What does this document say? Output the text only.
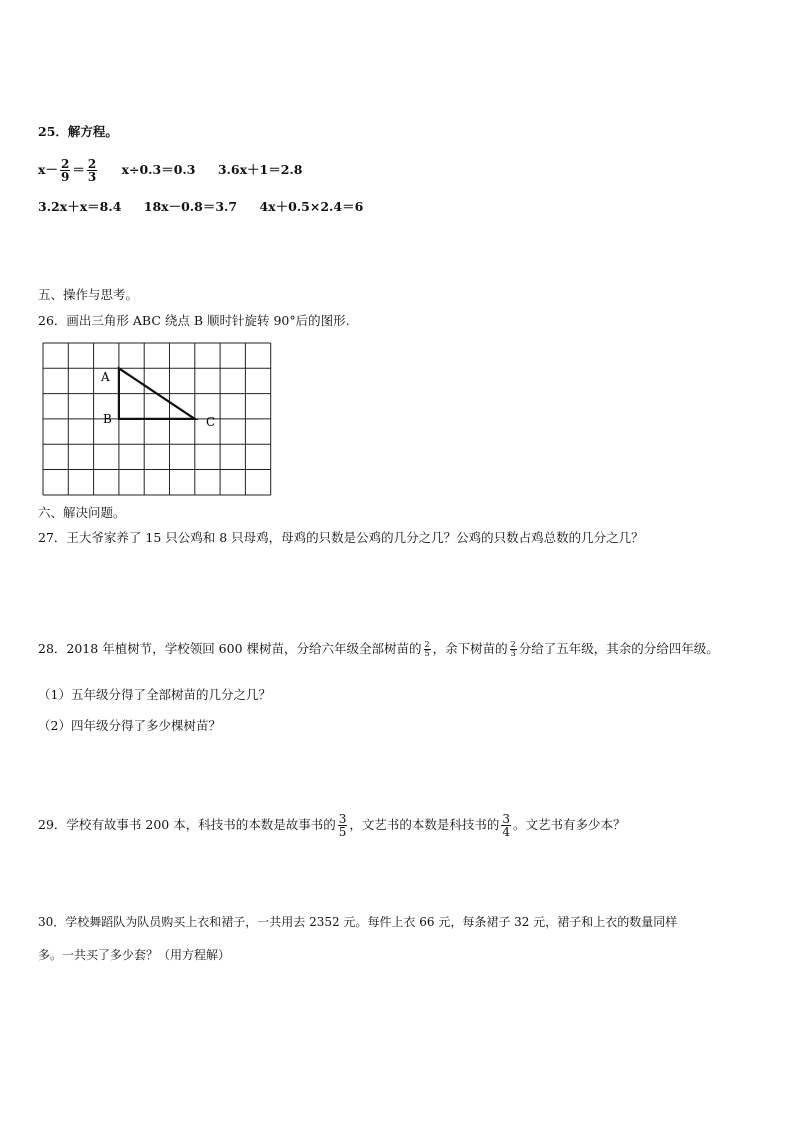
25．解方程。
$x- \frac{2}{9} = \frac{2}{3} x\div 0.3=0.3$ 3.6x＋1＝2.8
3.2x＋x＝8.4 18x－0.8＝3.7 4x＋0.5×2.4＝6
五、操作与思考。
26．画出三角形 ABC 绕点 B 顺时针旋转 90°后的图形.
A
B	C
六、解决问题。
27．王大爷家养了 15 只公鸡和 8 只母鸡，母鸡的只数是公鸡的几分之几？公鸡的只数占鸡总数的几分之几？
28．2018 年植树节，学校领回 600 棵树苗，分给六年级全部树苗的 $\frac{2}{5}$ ，余下树苗的 $\frac{2}{3}$ 分给了五年级，其余的分给四年级。
（1）五年级分得了全部树苗的几分之几？
（2）四年级分得了多少棵树苗？
29．学校有故事书 200 本，科技书的本数是故事书的 $\frac{3}{5}$ ，文艺书的本数是科技书的 $\frac{3}{4}$ 。文艺书有多少本？
30．学校舞蹈队为队员购买上衣和裙子，一共用去 2352 元。每件上衣 66 元，每条裙子 32 元，裙子和上衣的数量同样
多。一共买了多少套？（用方程解）
